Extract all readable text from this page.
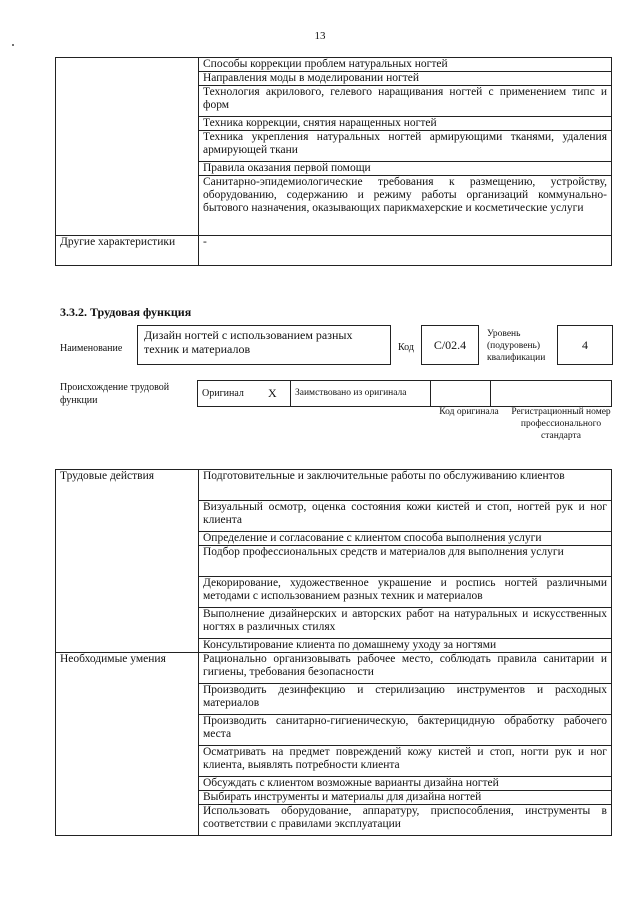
13
	Способы коррекции проблем натуральных ногтей
	Направления моды в моделировании ногтей
	Технология акрилового, гелевого наращивания ногтей с применением типс и форм
	Техника коррекции, снятия наращенных ногтей
	Техника укрепления натуральных ногтей армирующими тканями, удаления армирующей ткани
	Правила оказания первой помощи
	Санитарно-эпидемиологические требования к размещению, устройству, оборудованию, содержанию и режиму работы организаций коммунально-бытового назначения, оказывающих парикмахерские и косметические услуги
Другие характеристики	-
3.3.2. Трудовая функция
Наименование
Дизайн ногтей с использованием разных техник и материалов	Код	С/02.4
Уровень (подуровень) квалификации
4
Происхождение трудовой функции
Оригинал X	Заимствовано из оригинала		
Код оригинала	Регистрационный номер профессионального стандарта
Трудовые действия	Подготовительные и заключительные работы по обслуживанию клиентов
	Визуальный осмотр, оценка состояния кожи кистей и стоп, ногтей рук и ног клиента
	Определение и согласование с клиентом способа выполнения услуги
	Подбор профессиональных средств и материалов для выполнения услуги
	Декорирование, художественное украшение и роспись ногтей различными методами с использованием разных техник и материалов
	Выполнение дизайнерских и авторских работ на натуральных и искусственных ногтях в различных стилях
	Консультирование клиента по домашнему уходу за ногтями
Необходимые умения	Рационально организовывать рабочее место, соблюдать правила санитарии и гигиены, требования безопасности
	Производить дезинфекцию и стерилизацию инструментов и расходных материалов
	Производить санитарно-гигиеническую, бактерицидную обработку рабочего места
	Осматривать на предмет повреждений кожу кистей и стоп, ногти рук и ног клиента, выявлять потребности клиента
	Обсуждать с клиентом возможные варианты дизайна ногтей
	Выбирать инструменты и материалы для дизайна ногтей
	Использовать оборудование, аппаратуру, приспособления, инструменты в соответствии с правилами эксплуатации
